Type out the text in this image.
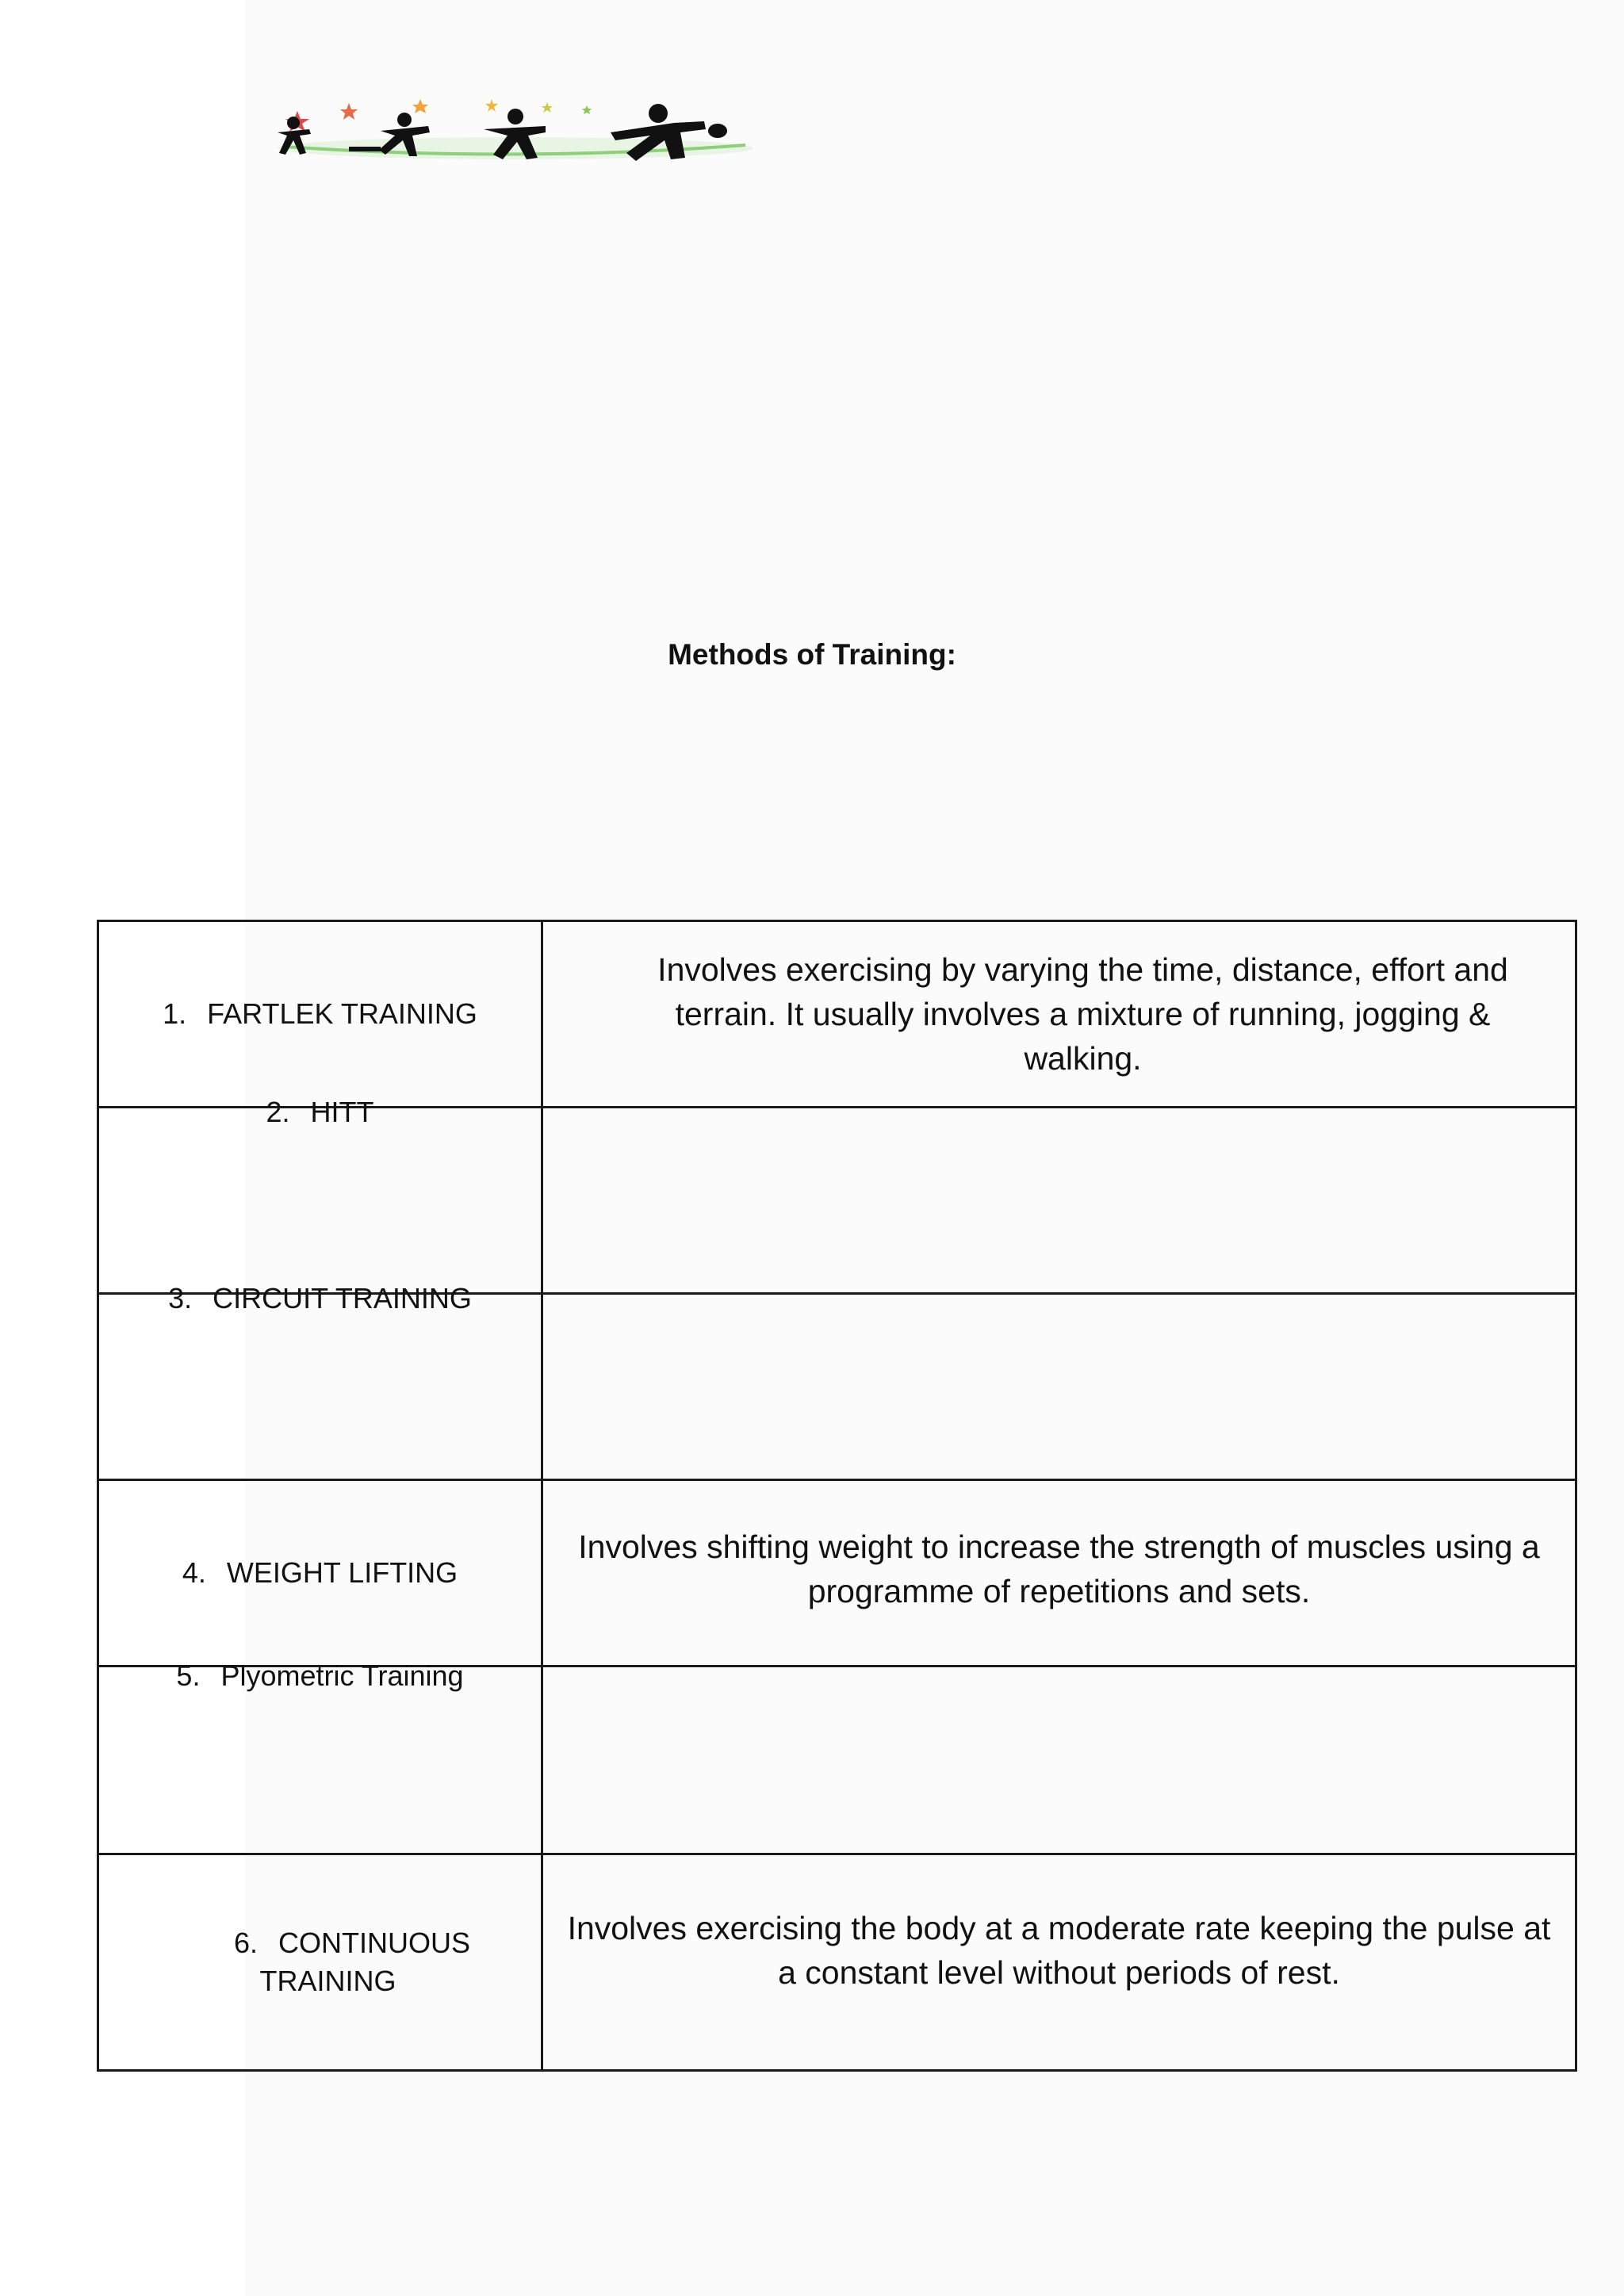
Methods of Training:
1. FARTLEK TRAINING	Involves exercising by varying the time, distance, effort and terrain. It usually involves a mixture of running, jogging & walking.

2. HITT	

3. CIRCUIT TRAINING	

4. WEIGHT LIFTING	Involves shifting weight to increase the strength of muscles using a programme of repetitions and sets.

5. Plyometric Training	

6. CONTINUOUS TRAINING	Involves exercising the body at a moderate rate keeping the pulse at a constant level without periods of rest.
